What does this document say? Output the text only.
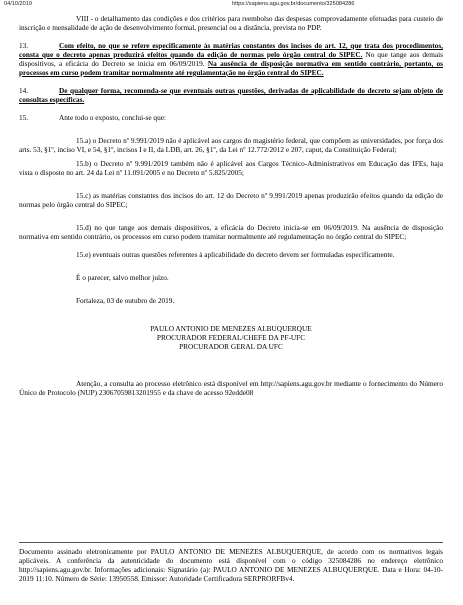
04/10/2019	https://sapiens.agu.gov.br/documento/325084286

VIII - o detalhamento das condições e dos critérios para reembolso das despesas comprovadamente efetuadas para custeio de inscrição e mensalidade de ação de desenvolvimento formal, presencial ou a distância, prevista no PDP.

13.	Com efeito, no que se refere especificamente às matérias constantes dos incisos do art. 12, que trata dos procedimentos, consta que o decreto apenas produzirá efeitos quando da edição de normas pelo órgão central do SIPEC. No que tange aos demais dispositivos, a eficácia do Decreto se inicia em 06/09/2019. Na ausência de disposição normativa em sentido contrário, portanto, os processos em curso podem tramitar normalmente até regulamentação no órgão central do SIPEC.

14.	De qualquer forma, recomenda-se que eventuais outras questões, derivadas de aplicabilidade do decreto sejam objeto de consultas específicas.

15.	Ante todo o exposto, conclui-se que:

15.a) o Decreto nº 9.991/2019 não é aplicável aos cargos do magistério federal, que compõem as universidades, por força dos arts. 53, §1º, inciso VI, e 54, §1º, incisos I e II, da LDB, art. 26, §1º, da Lei nº 12.772/2012 e 207, caput, da Constituição Federal;

15.b) o Decreto nº 9.991/2019 também não é aplicável aos Cargos Técnico-Administrativos em Educação das IFEs, haja vista o disposto no art. 24 da Lei nº 11.091/2005 e no Decreto nº 5.825/2005;

15.c) as matérias constantes dos incisos do art. 12 do Decreto nº 9.991/2019 apenas produzirão efeitos quando da edição de normas pelo órgão central do SIPEC;

15.d) no que tange aos demais dispositivos, a eficácia do Decreto inicia-se em 06/09/2019. Na ausência de disposição normativa em sentido contrário, os processos em curso podem tramitar normalmente até regulamentação no órgão central do SIPEC;

15.e) eventuais outras questões referentes à aplicabilidade do decreto devem ser formuladas especificamente.

É o parecer, salvo melhor juízo.

Fortaleza, 03 de outubro de 2019.

PAULO ANTONIO DE MENEZES ALBUQUERQUE

PROCURADOR FEDERAL/CHEFE DA PF-UFC

PROCURADOR GERAL DA UFC

Atenção, a consulta ao processo eletrônico está disponível em http://sapiens.agu.gov.br mediante o fornecimento do Número Único de Protocolo (NUP) 23067059813201955 e da chave de acesso 92edde08

Documento assinado eletronicamente por PAULO ANTONIO DE MENEZES ALBUQUERQUE, de acordo com os normativos legais aplicáveis. A conferência da autenticidade do documento está disponível com o código 325084286 no endereço eletrônico http://sapiens.agu.gov.br. Informações adicionais: Signatário (a): PAULO ANTONIO DE MENEZES ALBUQUERQUE. Data e Hora: 04-10-2019 11:10. Número de Série: 13950558. Emissor: Autoridade Certificadora SERPRORFBv4.
